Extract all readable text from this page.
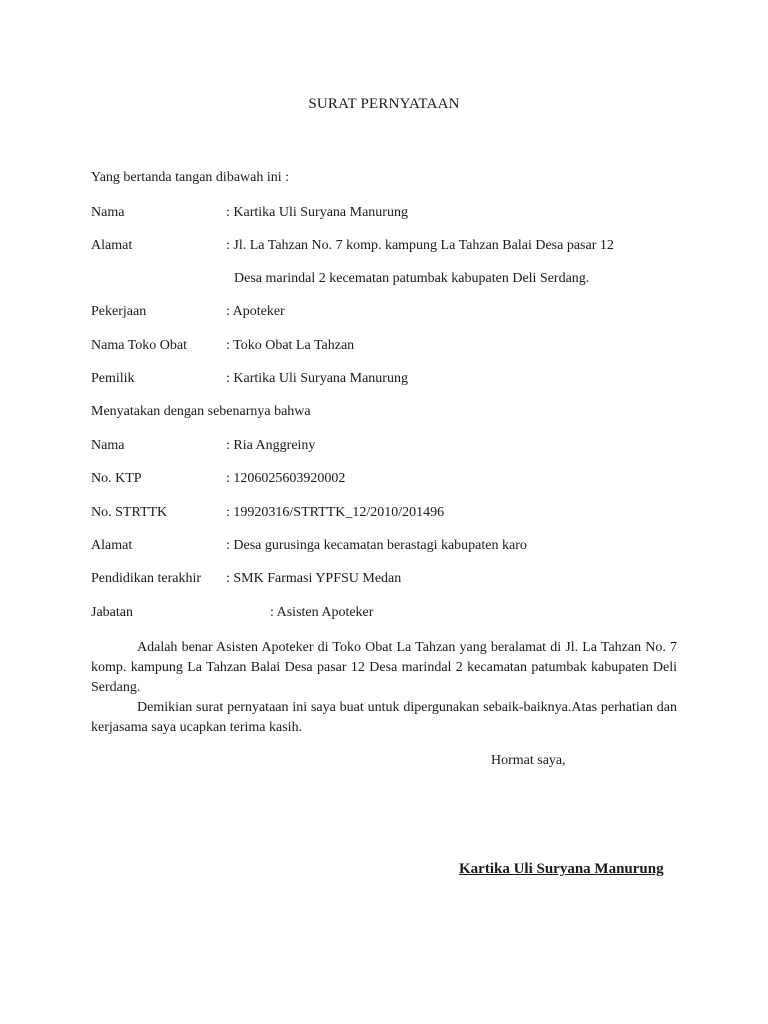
SURAT PERNYATAAN
Yang bertanda tangan dibawah ini :
Nama	: Kartika Uli Suryana Manurung
Alamat	: Jl. La Tahzan No. 7 komp. kampung La Tahzan Balai Desa pasar 12
Desa marindal 2 kecematan patumbak kabupaten Deli Serdang.
Pekerjaan	: Apoteker
Nama Toko Obat	: Toko Obat La Tahzan
Pemilik	: Kartika Uli Suryana Manurung
Menyatakan dengan sebenarnya bahwa
Nama	: Ria Anggreiny
No. KTP	: 1206025603920002
No. STRTTK	: 19920316/STRTTK_12/2010/201496
Alamat	: Desa gurusinga kecamatan berastagi kabupaten karo
Pendidikan terakhir : SMK Farmasi YPFSU Medan
Jabatan	: Asisten Apoteker
Adalah benar Asisten Apoteker di Toko Obat La Tahzan yang beralamat di Jl. La Tahzan No. 7 komp. kampung La Tahzan Balai Desa pasar 12 Desa marindal 2 kecamatan patumbak kabupaten Deli Serdang.
Demikian surat pernyataan ini saya buat untuk dipergunakan sebaik-baiknya.Atas perhatian dan kerjasama saya ucapkan terima kasih.
Hormat saya,
Kartika Uli Suryana Manurung
